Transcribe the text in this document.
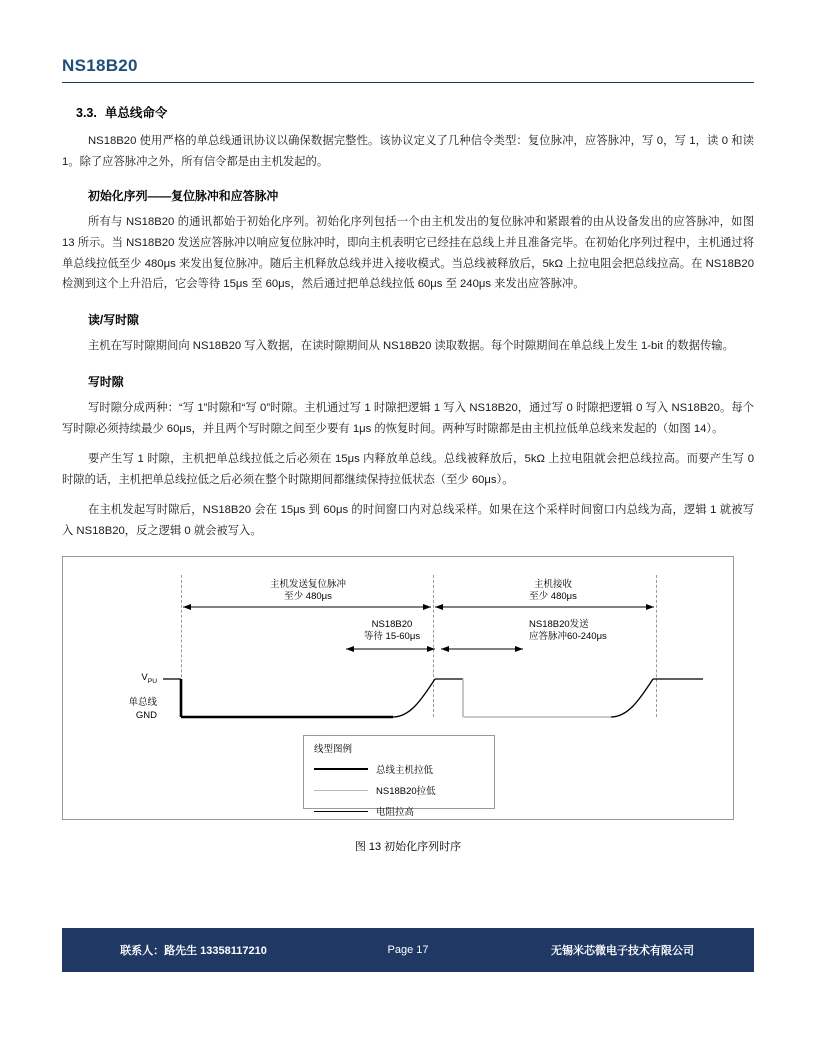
NS18B20
3.3. 单总线命令

NS18B20 使用严格的单总线通讯协议以确保数据完整性。该协议定义了几种信令类型：复位脉冲，应答脉冲，写 0，写 1，读 0 和读 1。除了应答脉冲之外，所有信令都是由主机发起的。

初始化序列——复位脉冲和应答脉冲

所有与 NS18B20 的通讯都始于初始化序列。初始化序列包括一个由主机发出的复位脉冲和紧跟着的由从设备发出的应答脉冲，如图 13 所示。当 NS18B20 发送应答脉冲以响应复位脉冲时，即向主机表明它已经挂在总线上并且准备完毕。在初始化序列过程中，主机通过将单总线拉低至少 480μs 来发出复位脉冲。随后主机释放总线并进入接收模式。当总线被释放后，5kΩ 上拉电阻会把总线拉高。在 NS18B20 检测到这个上升沿后，它会等待 15μs 至 60μs，然后通过把单总线拉低 60μs 至 240μs 来发出应答脉冲。

读/写时隙

主机在写时隙期间向 NS18B20 写入数据，在读时隙期间从 NS18B20 读取数据。每个时隙期间在单总线上发生 1-bit 的数据传输。

写时隙

写时隙分成两种：“写 1”时隙和“写 0”时隙。主机通过写 1 时隙把逻辑 1 写入 NS18B20，通过写 0 时隙把逻辑 0 写入 NS18B20。每个写时隙必须持续最少 60μs，并且两个写时隙之间至少要有 1μs 的恢复时间。两种写时隙都是由主机拉低单总线来发起的（如图 14）。

要产生写 1 时隙，主机把单总线拉低之后必须在 15μs 内释放单总线。总线被释放后，5kΩ 上拉电阻就会把总线拉高。而要产生写 0 时隙的话，主机把单总线拉低之后必须在整个时隙期间都继续保持拉低状态（至少 60μs）。

在主机发起写时隙后，NS18B20 会在 15μs 到 60μs 的时间窗口内对总线采样。如果在这个采样时间窗口内总线为高，逻辑 1 就被写入 NS18B20，反之逻辑 0 就会被写入。

主机发送复位脉冲
至少 480μs
主机接收
至少 480μs
NS18B20
等待 15-60μs
NS18B20发送
应答脉冲60-240μs
$V_{PU}$
单总线
GND
线型图例
总线主机拉低
NS18B20拉低
电阻拉高
图 13 初始化序列时序
联系人：路先生 13358117210	Page 17	无锡米芯微电子技术有限公司
